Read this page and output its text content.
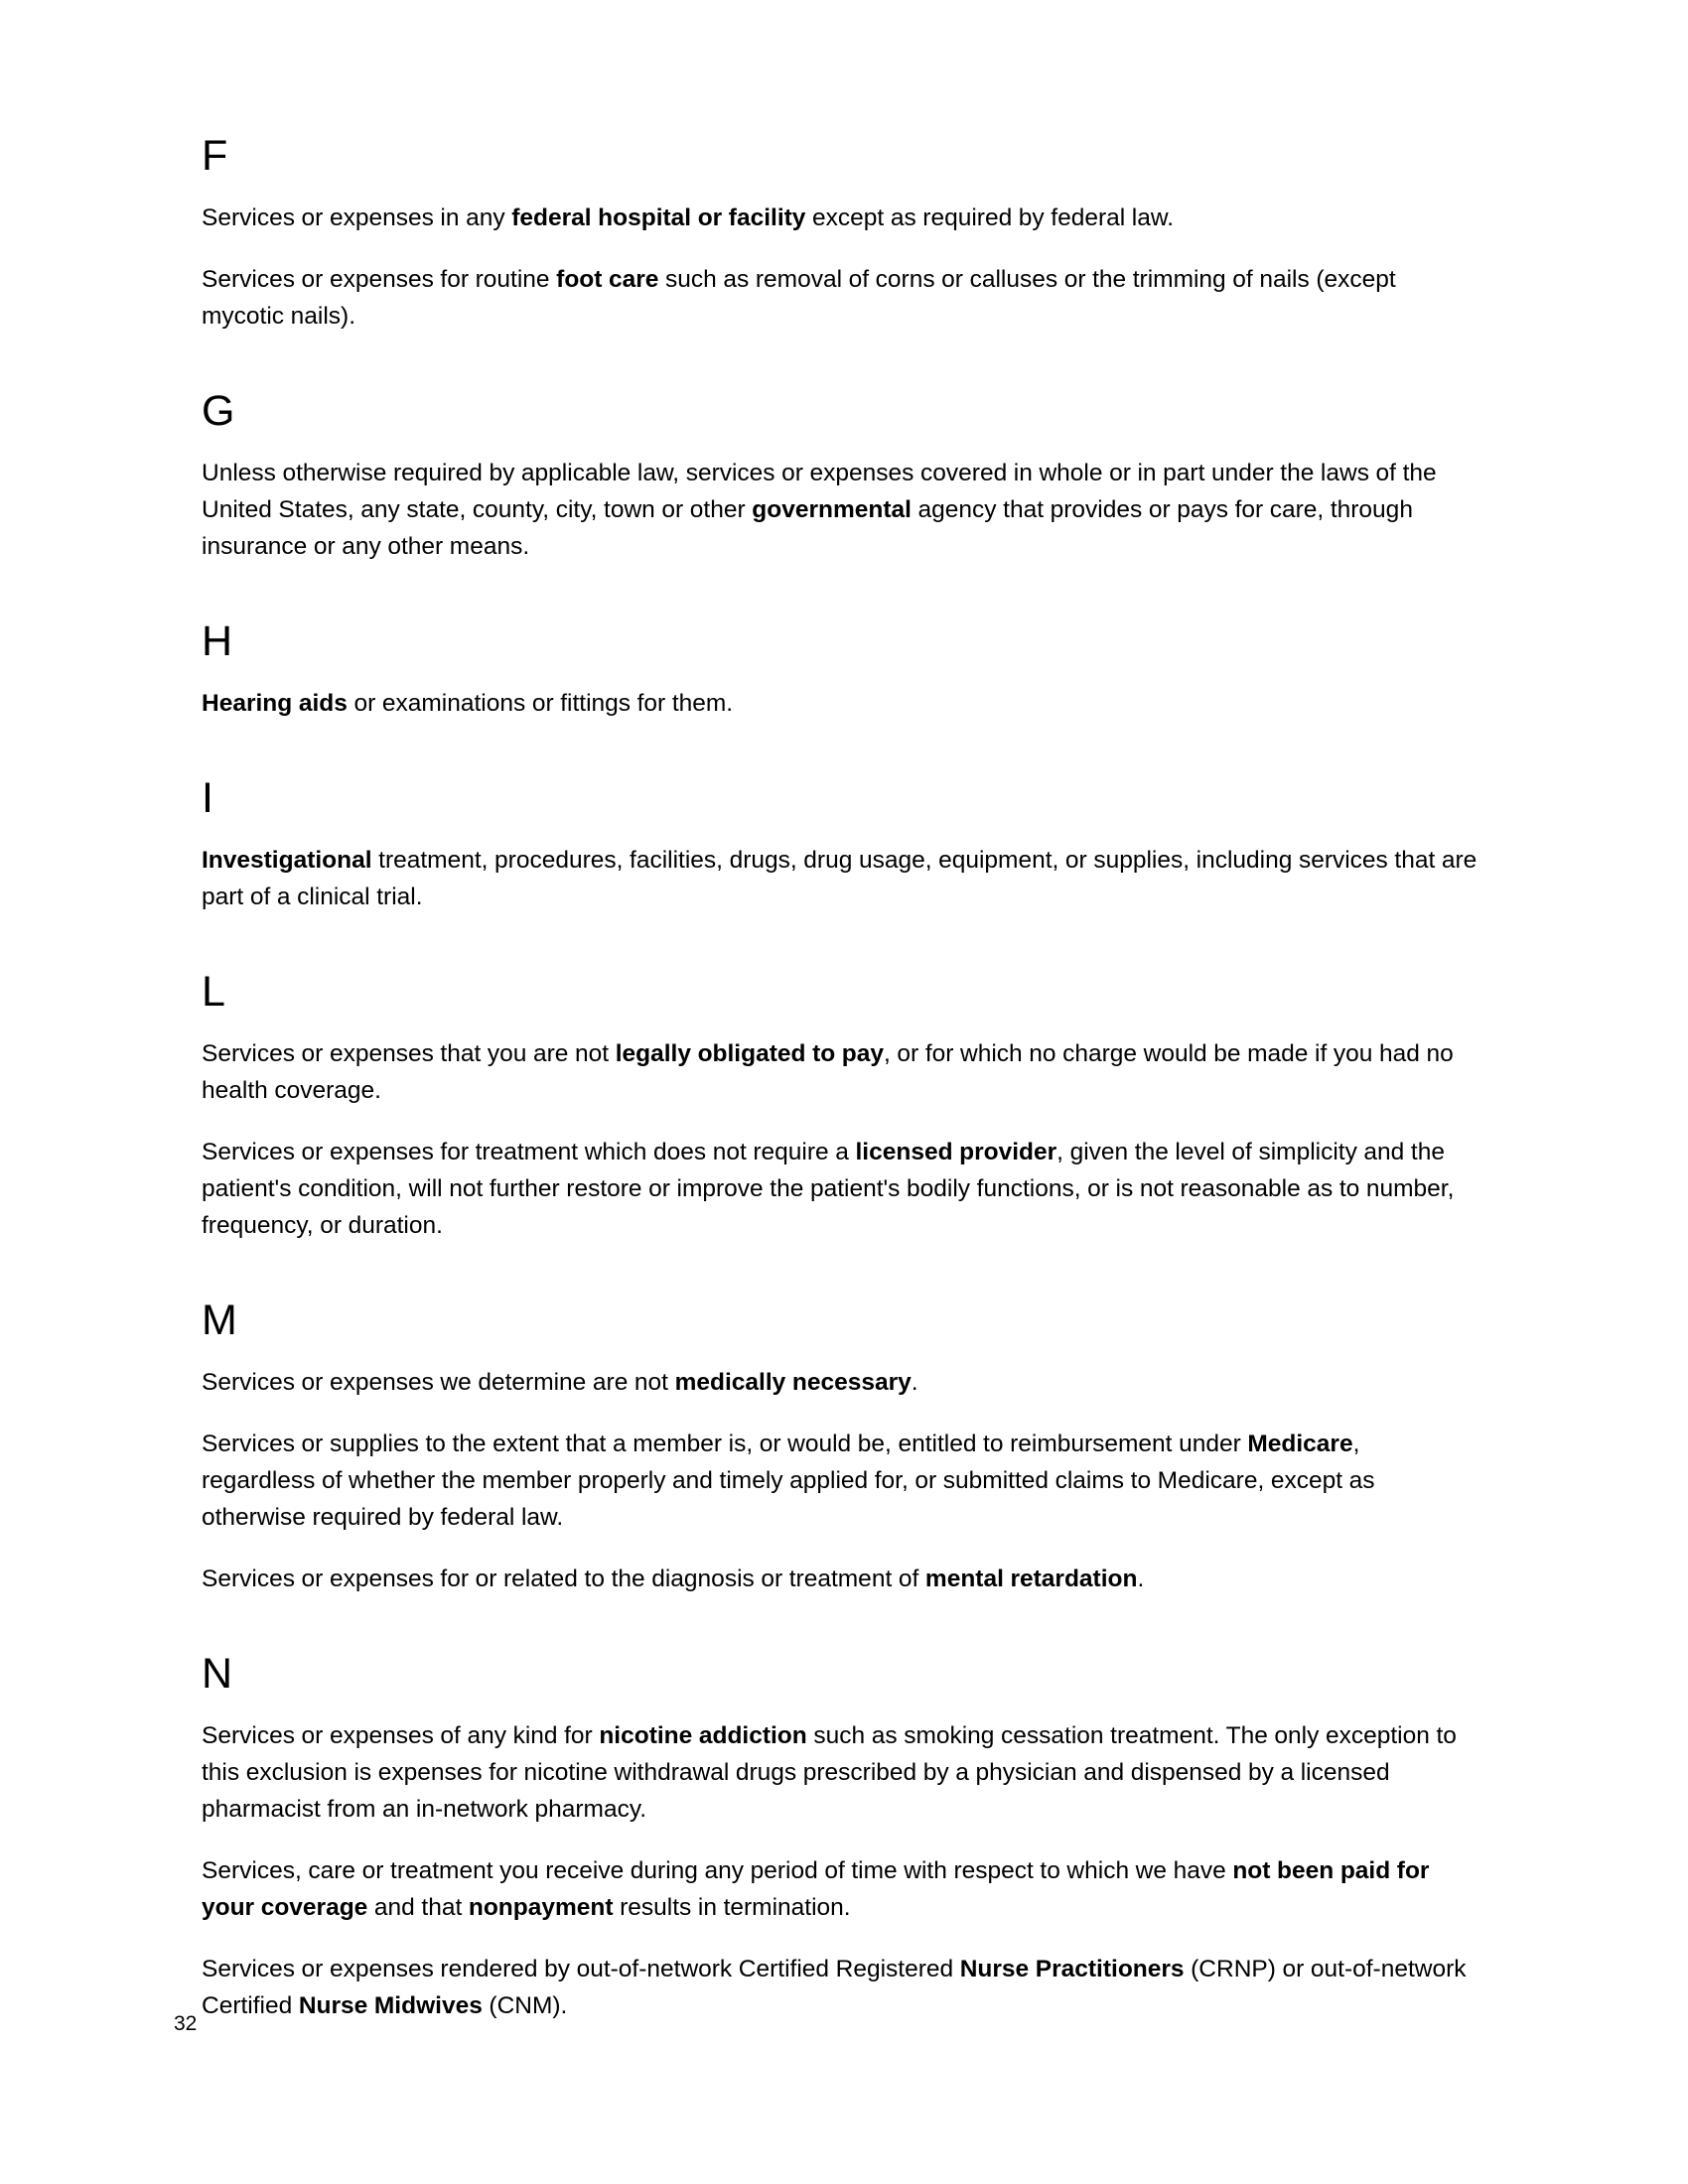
F

Services or expenses in any federal hospital or facility except as required by federal law.

Services or expenses for routine foot care such as removal of corns or calluses or the trimming of nails (except mycotic nails).

G

Unless otherwise required by applicable law, services or expenses covered in whole or in part under the laws of the United States, any state, county, city, town or other governmental agency that provides or pays for care, through insurance or any other means.

H

Hearing aids or examinations or fittings for them.

I

Investigational treatment, procedures, facilities, drugs, drug usage, equipment, or supplies, including services that are part of a clinical trial.

L

Services or expenses that you are not legally obligated to pay, or for which no charge would be made if you had no health coverage.

Services or expenses for treatment which does not require a licensed provider, given the level of simplicity and the patient's condition, will not further restore or improve the patient's bodily functions, or is not reasonable as to number, frequency, or duration.

M

Services or expenses we determine are not medically necessary.

Services or supplies to the extent that a member is, or would be, entitled to reimbursement under Medicare, regardless of whether the member properly and timely applied for, or submitted claims to Medicare, except as otherwise required by federal law.

Services or expenses for or related to the diagnosis or treatment of mental retardation.

N

Services or expenses of any kind for nicotine addiction such as smoking cessation treatment. The only exception to this exclusion is expenses for nicotine withdrawal drugs prescribed by a physician and dispensed by a licensed pharmacist from an in-network pharmacy.

Services, care or treatment you receive during any period of time with respect to which we have not been paid for your coverage and that nonpayment results in termination.

Services or expenses rendered by out-of-network Certified Registered Nurse Practitioners (CRNP) or out-of-network Certified Nurse Midwives (CNM).

32
